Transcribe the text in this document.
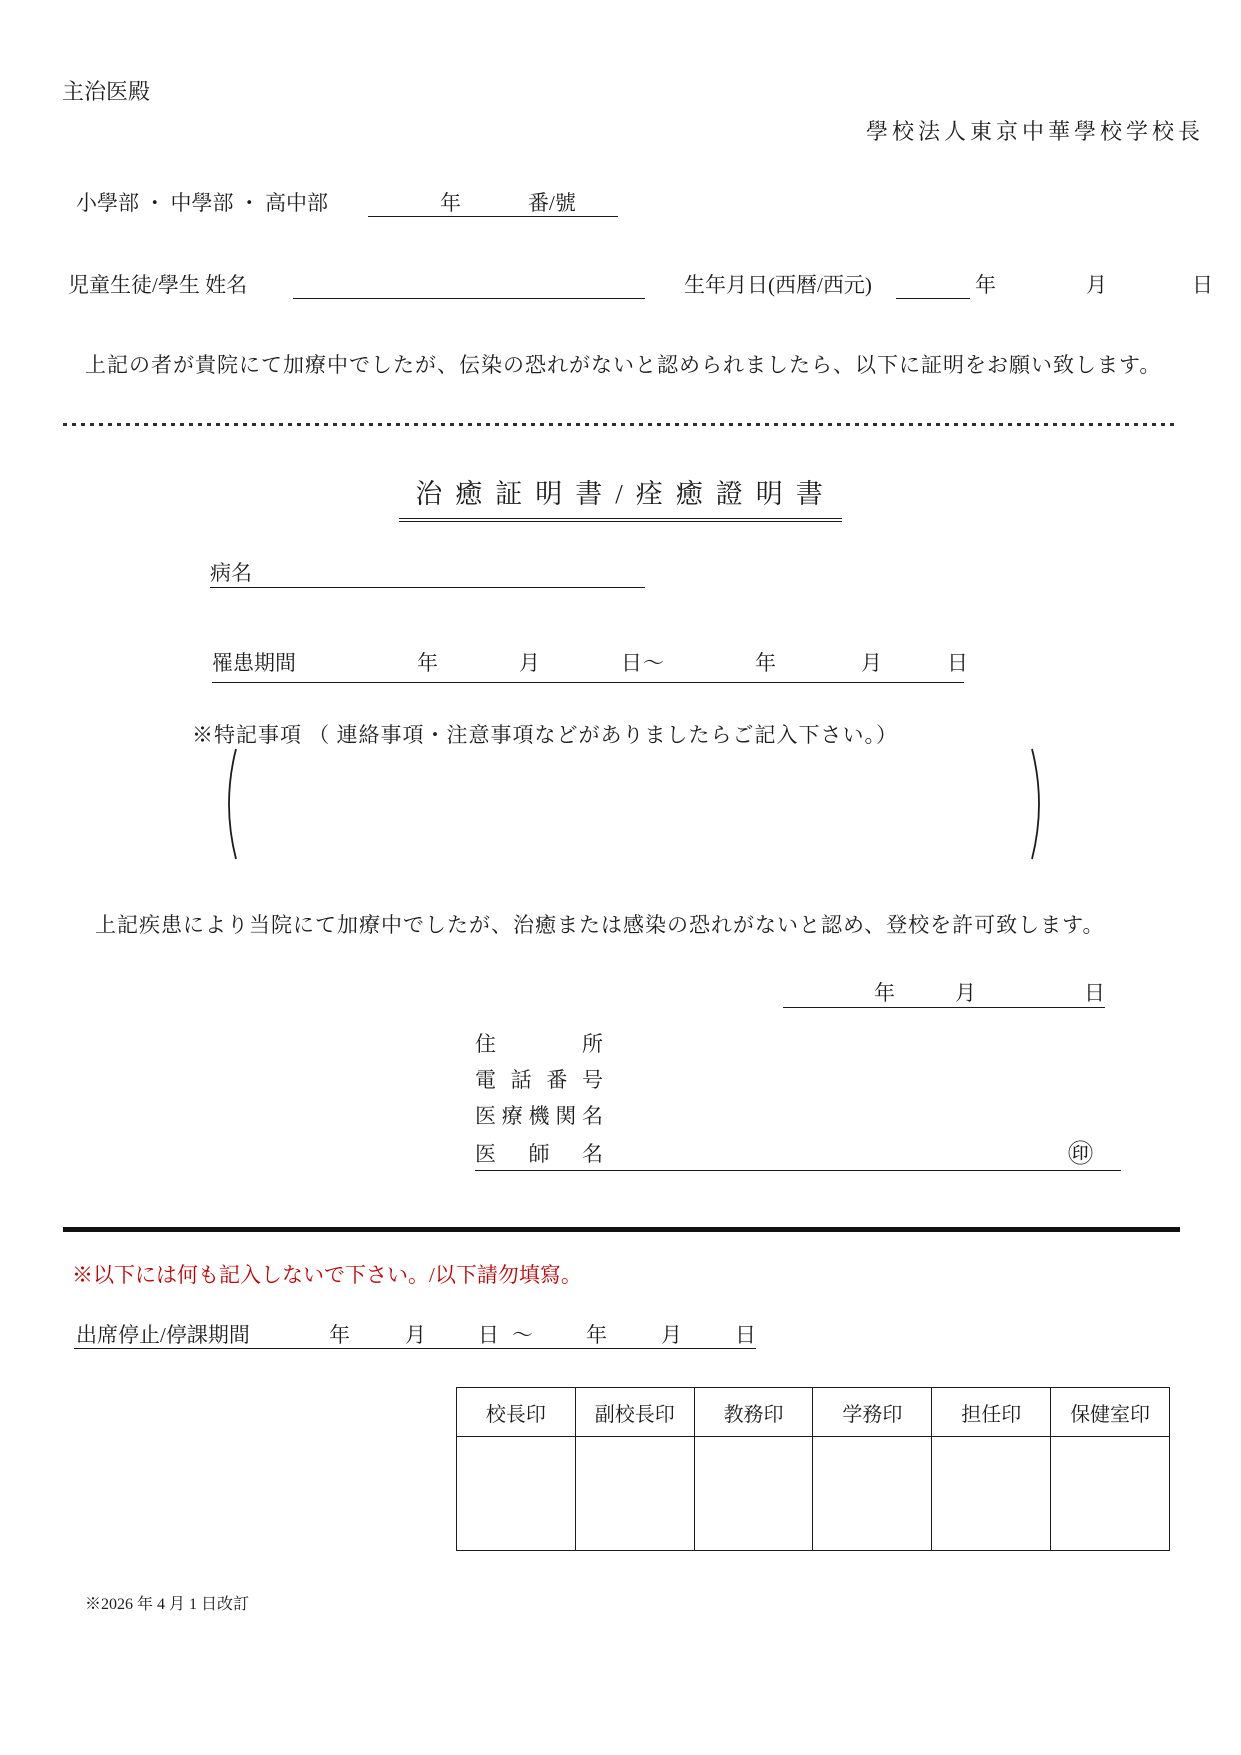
主治医殿
學校法人東京中華學校学校長
小學部 ・ 中學部 ・ 高中部	年	番/號
児童生徒/學生 姓名	生年月日(西暦/西元)	年	月	日
上記の者が貴院にて加療中でしたが、伝染の恐れがないと認められましたら、以下に証明をお願い致します。
治癒証明書/痊癒證明書
病名
罹患期間	年	月	日 ～	年	月	日
※特記事項 （ 連絡事項・注意事項などがありましたらご記入下さい。）
上記疾患により当院にて加療中でしたが、治癒または感染の恐れがないと認め、登校を許可致します。
年	月	日
住所
電話番号
医療機関名
医師名	㊞
※以下には何も記入しないで下さい。/以下請勿填寫。
出席停止/停課期間	年	月 日 ～	年	月	日
校長印	副校長印	教務印	学務印	担任印	保健室印

※2026 年 4 月 1 日改訂
